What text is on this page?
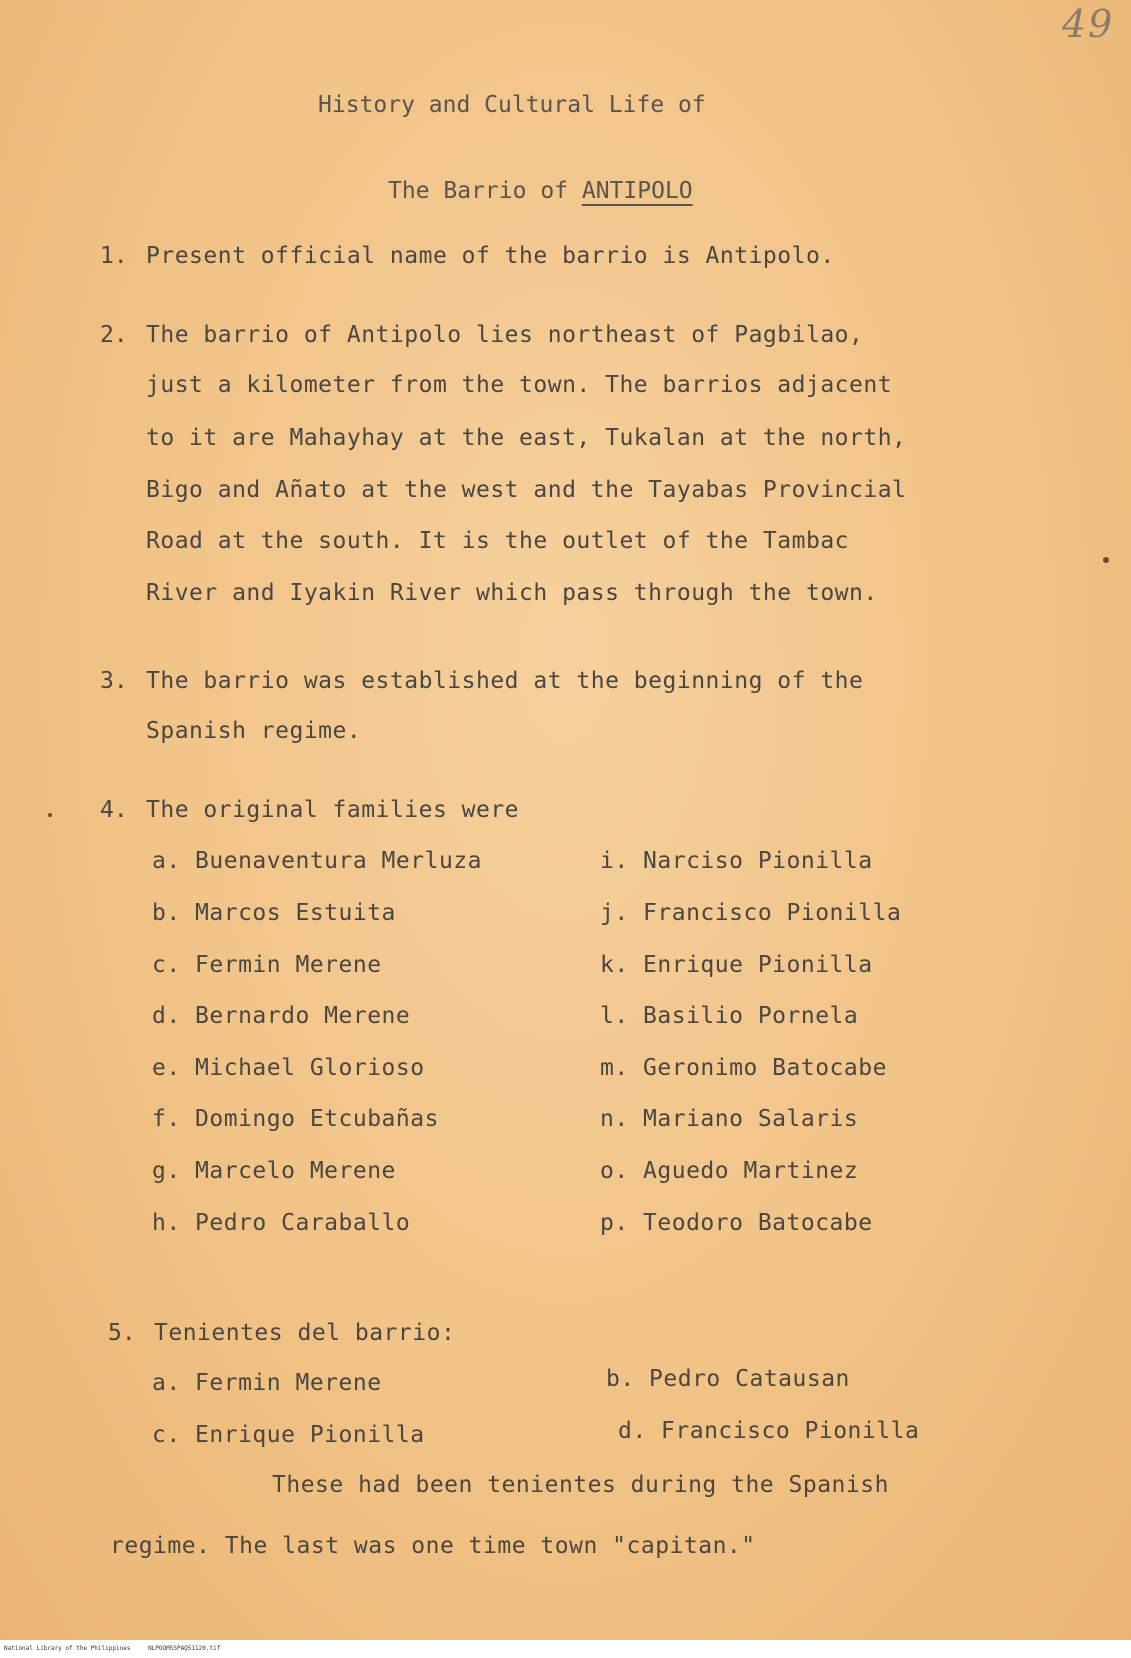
49
History and Cultural Life of
The Barrio of ANTIPOLO
1. Present official name of the barrio is Antipolo.
2. The barrio of Antipolo lies northeast of Pagbilao,
just a kilometer from the town. The barrios adjacent
to it are Mahayhay at the east, Tukalan at the north,
Bigo and Añato at the west and the Tayabas Provincial
Road at the south. It is the outlet of the Tambac
River and Iyakin River which pass through the town.
3. The barrio was established at the beginning of the
Spanish regime.
4. The original families were
a. Buenaventura Merluza
b. Marcos Estuita
c. Fermin Merene
d. Bernardo Merene
e. Michael Glorioso
f. Domingo Etcubañas
g. Marcelo Merene
h. Pedro Caraballo
i. Narciso Pionilla
j. Francisco Pionilla
k. Enrique Pionilla
l. Basilio Pornela
m. Geronimo Batocabe
n. Mariano Salaris
o. Aguedo Martinez
p. Teodoro Batocabe
5. Tenientes del barrio:
a. Fermin Merene
c. Enrique Pionilla
b. Pedro Catausan
d. Francisco Pionilla
These had been tenientes during the Spanish
regime. The last was one time town "capitan."
National Library of the Philippines	NLPOOMSSPAQ51120.tif
